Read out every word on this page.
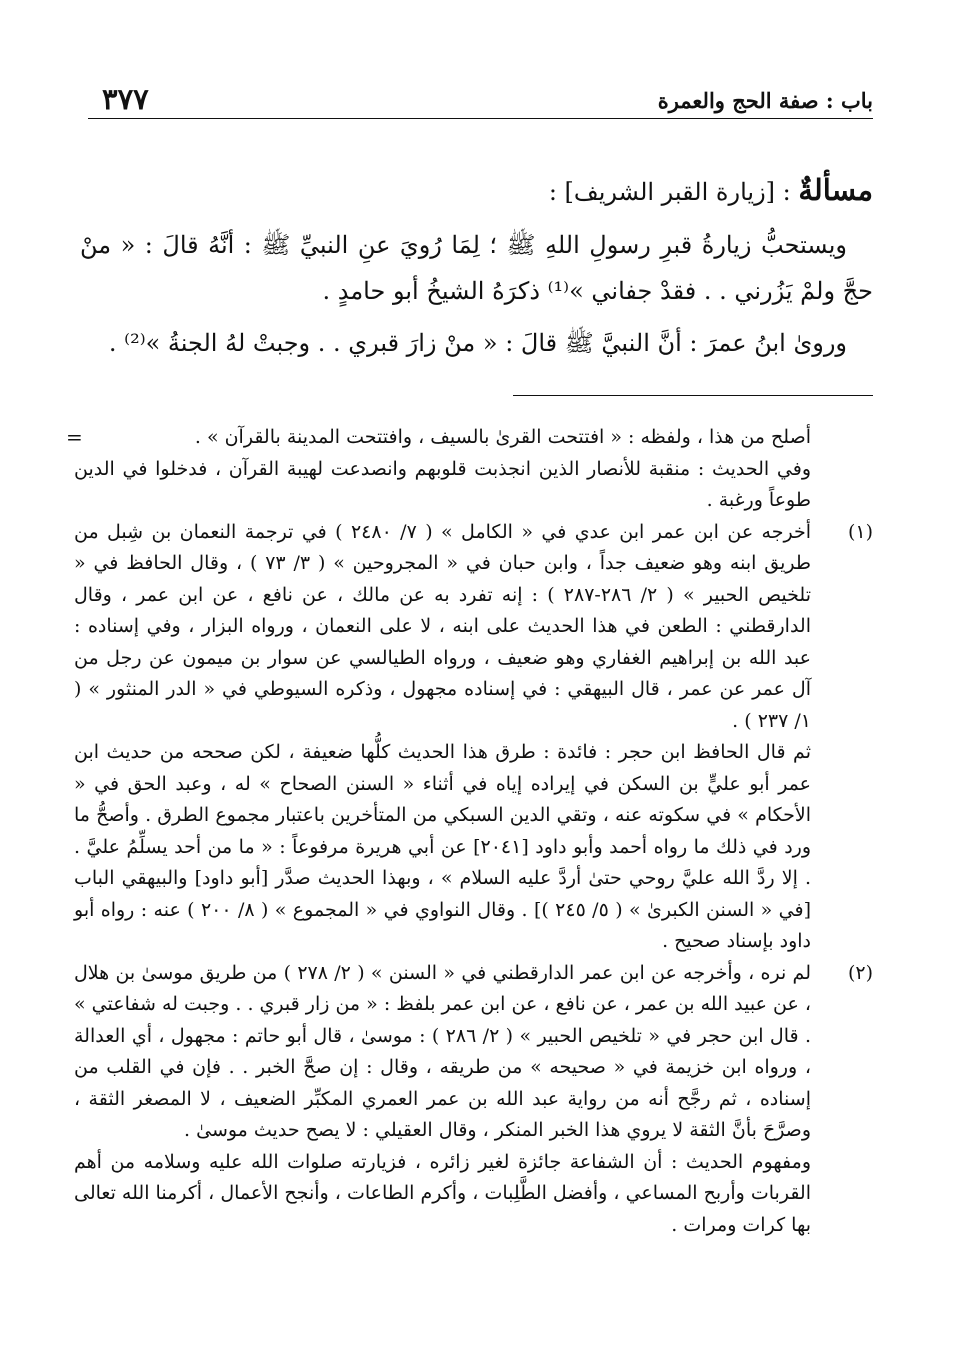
باب : صفة الحج والعمرة
٣٧٧
مسألةٌ : [زيارة القبر الشريف] :

ويستحبُّ زيارةُ قبرِ رسولِ اللهِ ﷺ ؛ لِمَا رُويَ عنِ النبيِّ ﷺ : أنَّهُ قالَ : « منْ حجَّ ولمْ يَزُرني . . فقدْ جفاني »⁽¹⁾ ذكرَهُ الشيخُ أبو حامدٍ .

وروىٰ ابنُ عمرَ : أنَّ النبيَّ ﷺ قالَ : « منْ زارَ قبري . . وجبتْ لهُ الجنةُ »⁽²⁾ .

=	أصلح من هذا ، ولفظه : « افتتحت القرىٰ بالسيف ، وافتتحت المدينة بالقرآن » .

وفي الحديث : منقبة للأنصار الذين انجذبت قلوبهم وانصدعت لهيبة القرآن ، فدخلوا في الدين طوعاً ورغبة .

(١)

أخرجه عن ابن عمر ابن عدي في « الكامل » ( ٧/ ٢٤٨٠ ) في ترجمة النعمان بن شِبل من طريق ابنه وهو ضعيف جداً ، وابن حبان في « المجروحين » ( ٣/ ٧٣ ) ، وقال الحافظ في « تلخيص الحبير » ( ٢/ ٢٨٦-٢٨٧ ) : إنه تفرد به عن مالك ، عن نافع ، عن ابن عمر ، وقال الدارقطني : الطعن في هذا الحديث على ابنه ، لا على النعمان ، ورواه البزار ، وفي إسناده : عبد الله بن إبراهيم الغفاري وهو ضعيف ، ورواه الطيالسي عن سوار بن ميمون عن رجل من آل عمر عن عمر ، قال البيهقي : في إسناده مجهول ، وذكره السيوطي في « الدر المنثور » ( ١/ ٢٣٧ ) .

ثم قال الحافظ ابن حجر : فائدة : طرق هذا الحديث كلُّها ضعيفة ، لكن صححه من حديث ابن عمر أبو عليٍّ بن السكن في إيراده إياه في أثناء « السنن الصحاح » له ، وعبد الحق في « الأحكام » في سكوته عنه ، وتقي الدين السبكي من المتأخرين باعتبار مجموع الطرق . وأصحُّ ما ورد في ذلك ما رواه أحمد وأبو داود [٢٠٤١] عن أبي هريرة مرفوعاً : « ما من أحد يسلِّمُ عليَّ . . إلا ردَّ الله عليَّ روحي حتىٰ أردَّ عليه السلام » ، وبهذا الحديث صدَّر [أبو داود] والبيهقي الباب [في « السنن الكبرىٰ » ( ٥/ ٢٤٥ )] . وقال النواوي في « المجموع » ( ٨/ ٢٠٠ ) عنه : رواه أبو داود بإسناد صحيح .

(٢)

لم نره ، وأخرجه عن ابن عمر الدارقطني في « السنن » ( ٢/ ٢٧٨ ) من طريق موسىٰ بن هلال ، عن عبيد الله بن عمر ، عن نافع ، عن ابن عمر بلفظ : « من زار قبري . . وجبت له شفاعتي » . قال ابن حجر في « تلخيص الحبير » ( ٢/ ٢٨٦ ) : موسىٰ ، قال أبو حاتم : مجهول ، أي العدالة ، ورواه ابن خزيمة في « صحيحه » من طريقه ، وقال : إن صحَّ الخبر . . فإن في القلب من إسناده ، ثم رجَّح أنه من رواية عبد الله بن عمر العمري المكبِّر الضعيف ، لا المصغر الثقة ، وصرَّحَ بأنَّ الثقة لا يروي هذا الخبر المنكر ، وقال العقيلي : لا يصح حديث موسىٰ .

ومفهوم الحديث : أن الشفاعة جائزة لغير زائره ، فزيارته صلوات الله عليه وسلامه من أهم القربات وأربح المساعي ، وأفضل الطَّلِبات ، وأكرم الطاعات ، وأنجح الأعمال ، أكرمنا الله تعالى بها كرات ومرات .
